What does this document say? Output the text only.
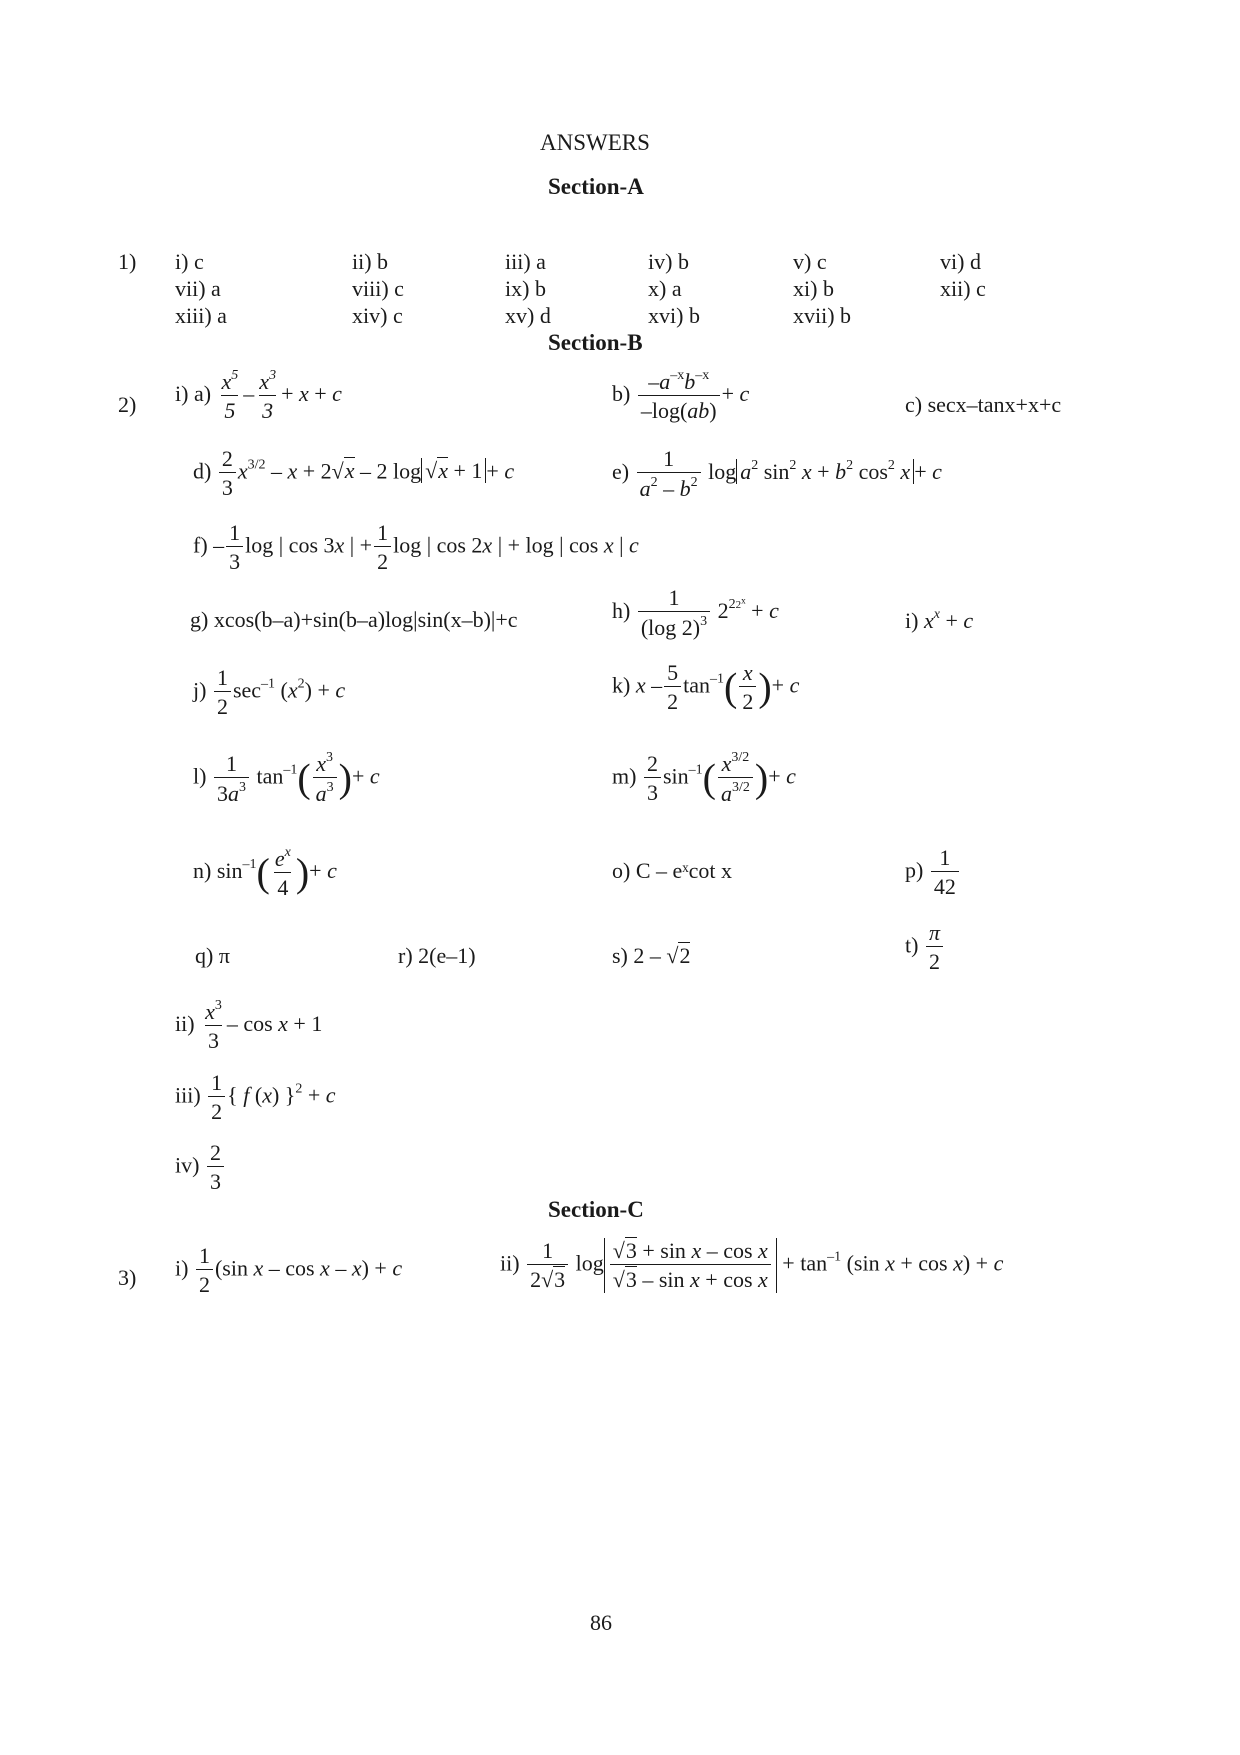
ANSWERS
Section-A
1) i) c	ii) b	iii) a	iv) b	v) c	vi) d
vii) a	viii) c	ix) b	x) a	xi) b	xii) c
xiii) a	xiv) c	xv) d	xvi) b	xvii) b
Section-B
2) i) $a) \frac{x^5}{5} - \frac{x^3}{3} + x + c$	$b) \frac{-a^{-x}b^{-x}}{-\log(ab)} + c$	c) secx–tanx+x+c
$d) \frac{2}{3} x^{3/2} - x + 2√x - 2$ log √x + 1 + c	$e) \frac{1}{a^2 - b^2}$ $\log a^2$ $\sin^2 x + b^2$ $\cos^2 x + c$
$f) - \frac{1}{3}$ log | cos 3x | + $\frac{1}{2}$ log | cos 2x | + log | cos x | c
g) xcos(b–a)+sin(b–a)log|sin(x–b)|+c	$h) \frac{1}{(\log 2)^3} 2^{22^x} + c$	i) $x^x + c$
$j) \frac{1}{2} \sec^{-1} (x^2) + c$	k) x – $\frac{5}{2} \tan^{-1}( \frac{x}{2}$ )+ c
$l) \frac{1}{3a^3} \tan^{-1}( \frac{x^3}{a^3}$ )+ c	$m) \frac{2}{3} \sin^{-1}( \frac{x^{3/2}}{a^{3/2}}$ )+ c
n) $\sin^{-1}( \frac{e^x}{4}$ )+ c	o) C – eˣcot x	$p) \frac{1}{42}$
q) π	r) 2(e–1)	s) 2 – √2	$t) \frac{\pi}{2}$
$ii) \frac{x^3}{3} - \cos x + 1$
$iii) \frac{1}{2}$ { f (x) }$^2$ + c
$iv) \frac{2}{3}$
Section-C
3) $i) \frac{1}{2} (\sin$ x – cos x – x) + c	$ii) \frac{1}{2√3}$ $\log \frac{\text{√3 + sin x – cos x}}{\text{√3 – sin x + cos x}} + \tan^{-1} (\sin$ x + cos x) + c
86
